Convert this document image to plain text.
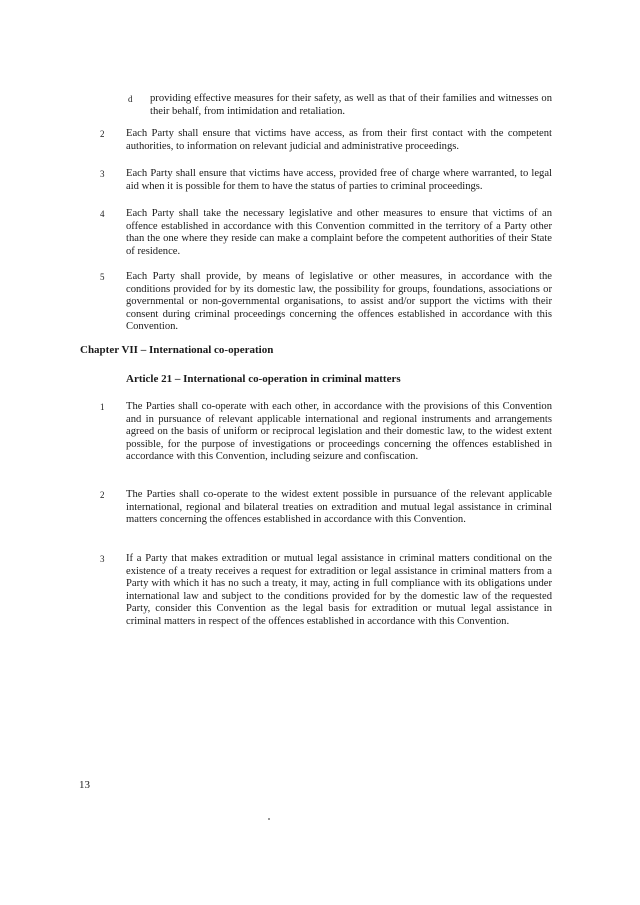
d providing effective measures for their safety, as well as that of their families and witnesses on their behalf, from intimidation and retaliation.
2 Each Party shall ensure that victims have access, as from their first contact with the competent authorities, to information on relevant judicial and administrative proceedings.
3 Each Party shall ensure that victims have access, provided free of charge where warranted, to legal aid when it is possible for them to have the status of parties to criminal proceedings.
4 Each Party shall take the necessary legislative and other measures to ensure that victims of an offence established in accordance with this Convention committed in the territory of a Party other than the one where they reside can make a complaint before the competent authorities of their State of residence.
5 Each Party shall provide, by means of legislative or other measures, in accordance with the conditions provided for by its domestic law, the possibility for groups, foundations, associations or governmental or non-governmental organisations, to assist and/or support the victims with their consent during criminal proceedings concerning the offences established in accordance with this Convention.
Chapter VII – International co-operation
Article 21 – International co-operation in criminal matters
1 The Parties shall co-operate with each other, in accordance with the provisions of this Convention and in pursuance of relevant applicable international and regional instruments and arrangements agreed on the basis of uniform or reciprocal legislation and their domestic law, to the widest extent possible, for the purpose of investigations or proceedings concerning the offences established in accordance with this Convention, including seizure and confiscation.
2 The Parties shall co-operate to the widest extent possible in pursuance of the relevant applicable international, regional and bilateral treaties on extradition and mutual legal assistance in criminal matters concerning the offences established in accordance with this Convention.
3 If a Party that makes extradition or mutual legal assistance in criminal matters conditional on the existence of a treaty receives a request for extradition or legal assistance in criminal matters from a Party with which it has no such a treaty, it may, acting in full compliance with its obligations under international law and subject to the conditions provided for by the domestic law of the requested Party, consider this Convention as the legal basis for extradition or mutual legal assistance in criminal matters in respect of the offences established in accordance with this Convention.
13
